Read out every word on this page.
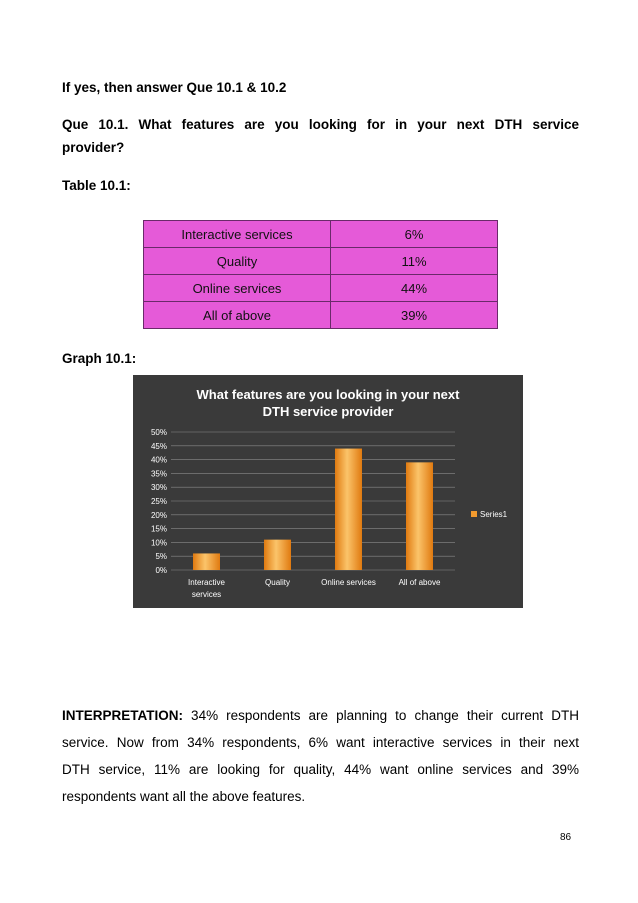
If yes, then answer Que 10.1 & 10.2
Que 10.1. What features are you looking for in your next DTH service
provider?
Table 10.1:
Interactive services	6%
Quality	11%
Online services	44%
All of above	39%
Graph 10.1:
What features are you looking in your next
DTH service provider
0%
5%
10%
15%
20%
25%
30%
35%
40%
45%
50%
Interactive
services
Quality	Online services	All of above
Series1
INTERPRETATION: 34% respondents are planning to change their current DTH
service. Now from 34% respondents, 6% want interactive services in their next
DTH service, 11% are looking for quality, 44% want online services and 39%
respondents want all the above features.
86
